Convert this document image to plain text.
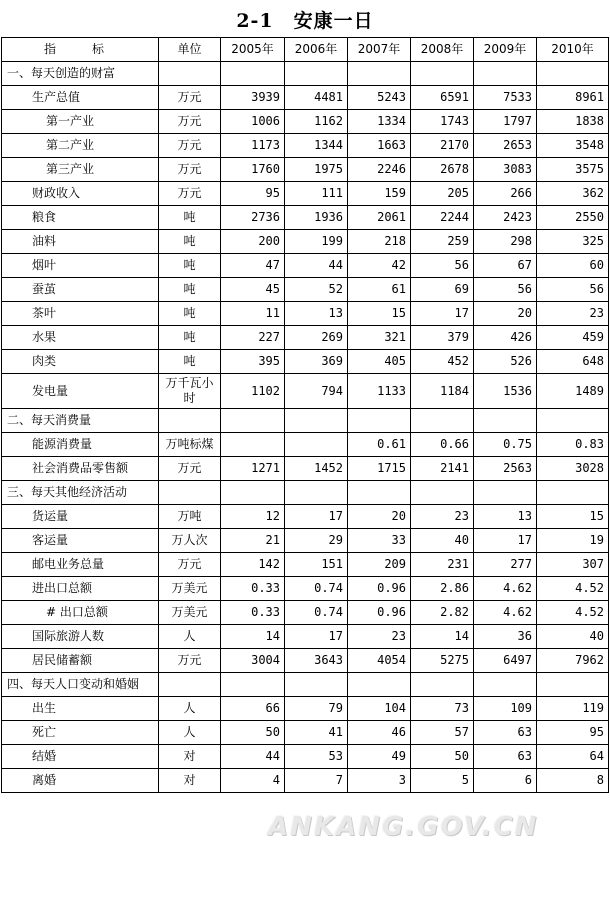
2-1　安康一日
指　标	单位	2005年	2006年	2007年	2008年	2009年	2010年
一、每天创造的财富							
生产总值	万元	3939	4481	5243	6591	7533	8961
第一产业	万元	1006	1162	1334	1743	1797	1838
第二产业	万元	1173	1344	1663	2170	2653	3548
第三产业	万元	1760	1975	2246	2678	3083	3575
财政收入	万元	95	111	159	205	266	362
粮食	吨	2736	1936	2061	2244	2423	2550
油料	吨	200	199	218	259	298	325
烟叶	吨	47	44	42	56	67	60
蚕茧	吨	45	52	61	69	56	56
茶叶	吨	11	13	15	17	20	23
水果	吨	227	269	321	379	426	459
肉类	吨	395	369	405	452	526	648
发电量	万千瓦小时	1102	794	1133	1184	1536	1489
二、每天消费量							
能源消费量	万吨标煤			0.61	0.66	0.75	0.83
社会消费品零售额	万元	1271	1452	1715	2141	2563	3028
三、每天其他经济活动							
货运量	万吨	12	17	20	23	13	15
客运量	万人次	21	29	33	40	17	19
邮电业务总量	万元	142	151	209	231	277	307
进出口总额	万美元	0.33	0.74	0.96	2.86	4.62	4.52
# 出口总额	万美元	0.33	0.74	0.96	2.82	4.62	4.52
国际旅游人数	人	14	17	23	14	36	40
居民储蓄额	万元	3004	3643	4054	5275	6497	7962
四、每天人口变动和婚姻							
出生	人	66	79	104	73	109	119
死亡	人	50	41	46	57	63	95
结婚	对	44	53	49	50	63	64
离婚	对	4	7	3	5	6	8
ANKANG.GOV.CN
